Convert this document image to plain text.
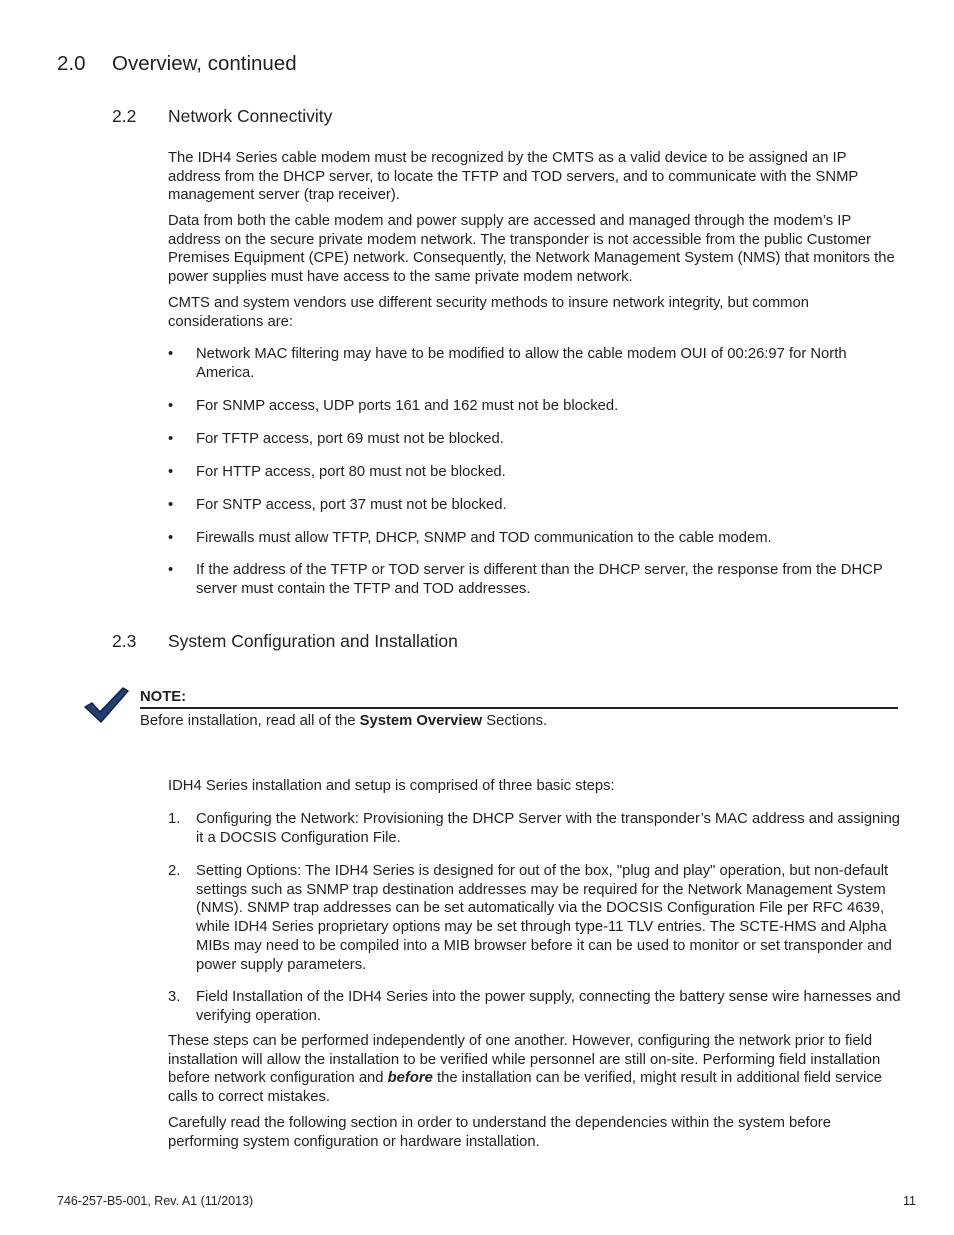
2.0 Overview, continued
2.2 Network Connectivity

The IDH4 Series cable modem must be recognized by the CMTS as a valid device to be assigned an IP address from the DHCP server, to locate the TFTP and TOD servers, and to communicate with the SNMP management server (trap receiver).

Data from both the cable modem and power supply are accessed and managed through the modem’s IP address on the secure private modem network. The transponder is not accessible from the public Customer Premises Equipment (CPE) network. Consequently, the Network Management System (NMS) that monitors the power supplies must have access to the same private modem network.

CMTS and system vendors use different security methods to insure network integrity, but common considerations are:

• Network MAC filtering may have to be modified to allow the cable modem OUI of 00:26:97 for North America.
• For SNMP access, UDP ports 161 and 162 must not be blocked.
• For TFTP access, port 69 must not be blocked.
• For HTTP access, port 80 must not be blocked.
• For SNTP access, port 37 must not be blocked.
• Firewalls must allow TFTP, DHCP, SNMP and TOD communication to the cable modem.
• If the address of the TFTP or TOD server is different than the DHCP server, the response from the DHCP server must contain the TFTP and TOD addresses.
2.3 System Configuration and Installation
NOTE:
Before installation, read all of the System Overview Sections.

IDH4 Series installation and setup is comprised of three basic steps:

1. Configuring the Network: Provisioning the DHCP Server with the transponder’s MAC address and assigning it a DOCSIS Configuration File.
2. Setting Options: The IDH4 Series is designed for out of the box, "plug and play" operation, but non-default settings such as SNMP trap destination addresses may be required for the Network Management System (NMS). SNMP trap addresses can be set automatically via the DOCSIS Configuration File per RFC 4639, while IDH4 Series proprietary options may be set through type-11 TLV entries. The SCTE-HMS and Alpha MIBs may need to be compiled into a MIB browser before it can be used to monitor or set transponder and power supply parameters.
3. Field Installation of the IDH4 Series into the power supply, connecting the battery sense wire harnesses and verifying operation.

These steps can be performed independently of one another. However, configuring the network prior to field installation will allow the installation to be verified while personnel are still on-site. Performing field installation before network configuration and before the installation can be verified, might result in additional field service calls to correct mistakes.

Carefully read the following section in order to understand the dependencies within the system before performing system configuration or hardware installation.

746-257-B5-001, Rev. A1 (11/2013)	11
